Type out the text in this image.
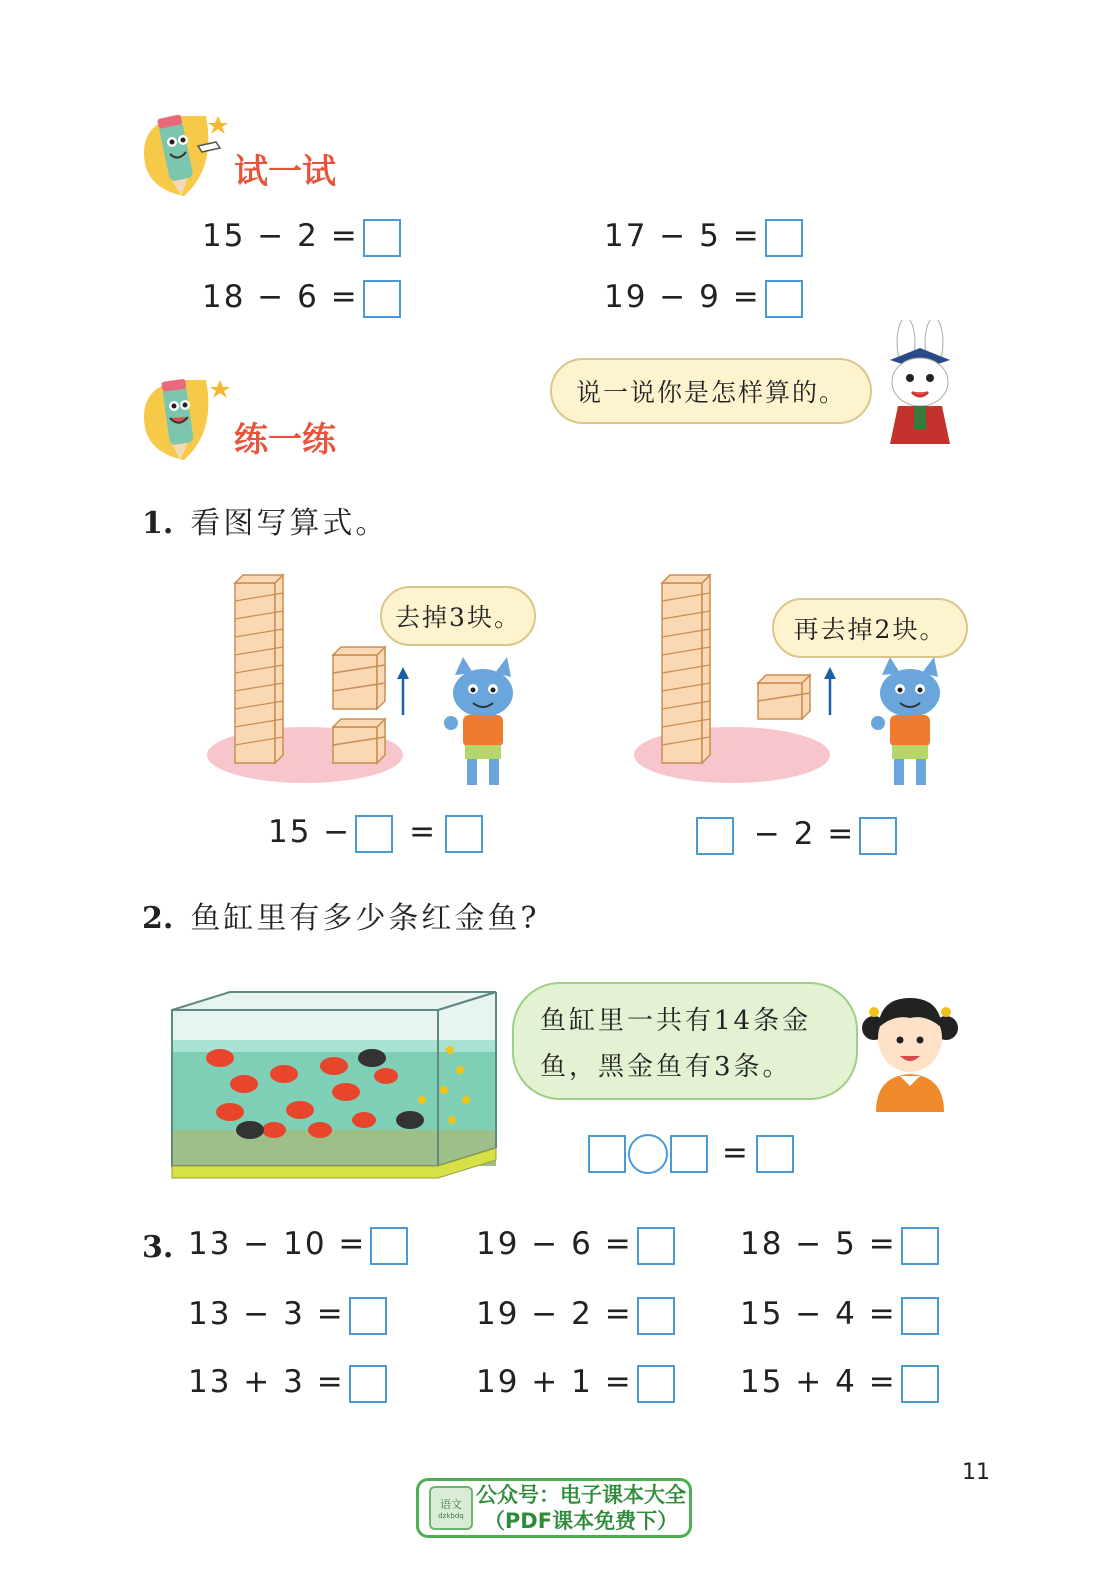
试一试
15 − 2 =	17 − 5 =
18 − 6 =	19 − 9 =
练一练
说一说你是怎样算的。
1. 看图写算式。
去掉3块。	再去掉2块。
15 − =	− 2 =
2. 鱼缸里有多少条红金鱼?
鱼缸里一共有14条金
鱼，黑金鱼有3条。
=
3. 13 − 10 =	19 − 6 =	18 − 5 =
13 − 3 =	19 − 2 =	15 − 4 =
13 + 3 =	19 + 1 =	15 + 4 =
11
语文
dzkbdq
公众号：电子课本大全
（PDF课本免费下）
